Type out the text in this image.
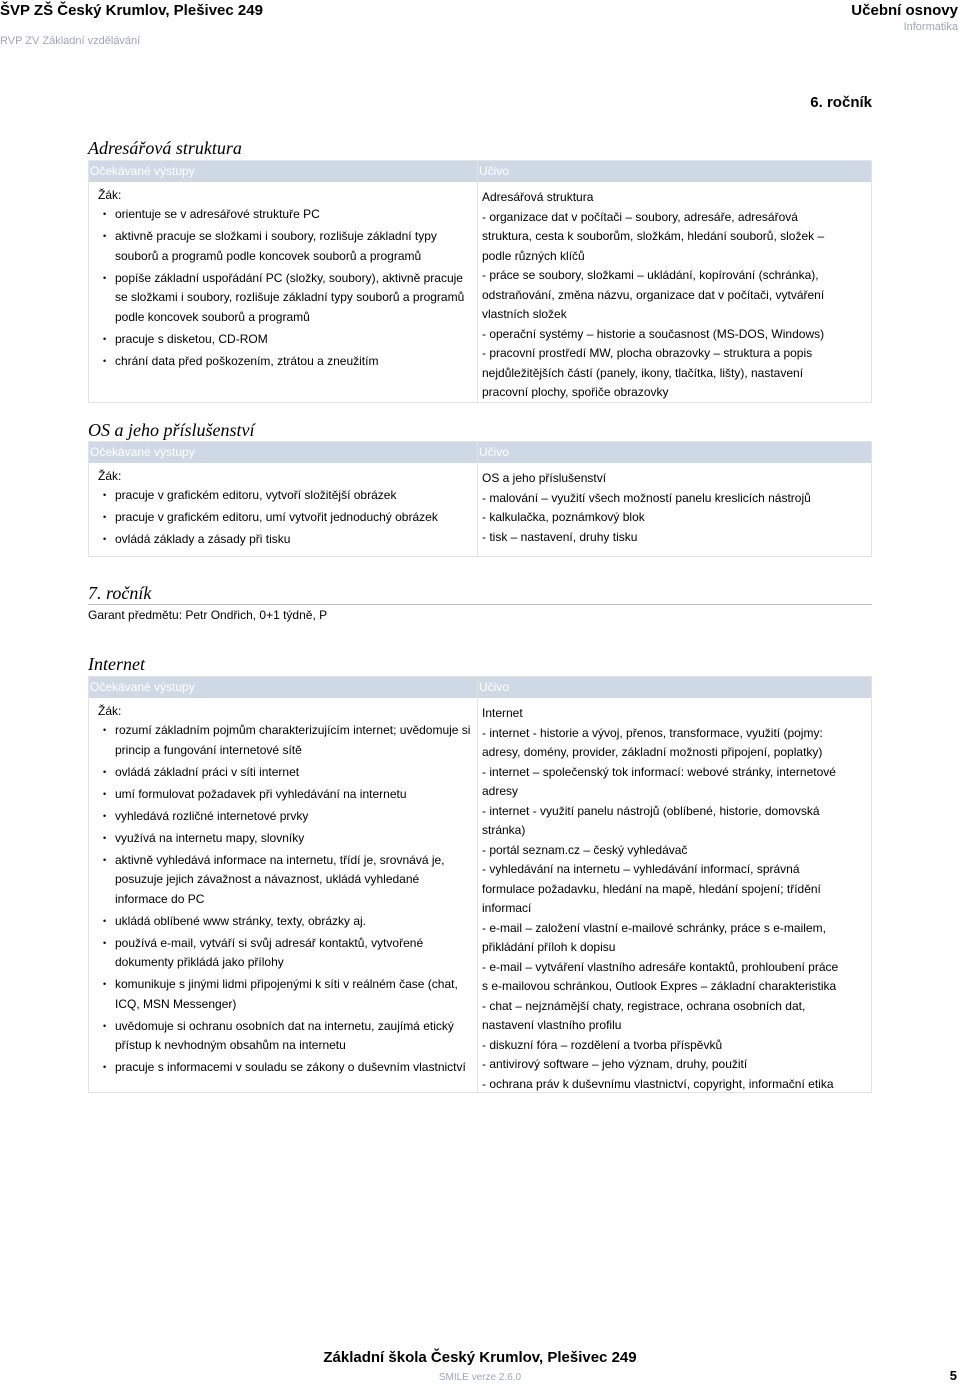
ŠVP ZŠ Český Krumlov, Plešivec 249
RVP ZV Základní vzdělávání
Učební osnovy
Informatika
6. ročník
Adresářová struktura
Očekávané výstupy
Žák:
• orientuje se v adresářové struktuře PC
• aktivně pracuje se složkami i soubory, rozlišuje základní typy souborů a programů podle koncovek souborů a programů
• popíše základní uspořádání PC (složky, soubory), aktivně pracuje se složkami i soubory, rozlišuje základní typy souborů a programů podle koncovek souborů a programů
• pracuje s disketou, CD-ROM
• chrání data před poškozením, ztrátou a zneužitím
Učivo
Adresářová struktura
- organizace dat v počítači – soubory, adresáře, adresářová
struktura, cesta k souborům, složkám, hledání souborů, složek –
podle různých klíčů
- práce se soubory, složkami – ukládání, kopírování (schránka),
odstraňování, změna názvu, organizace dat v počítači, vytváření
vlastních složek
- operační systémy – historie a současnost (MS-DOS, Windows)
- pracovní prostředí MW, plocha obrazovky – struktura a popis
nejdůležitějších částí (panely, ikony, tlačítka, lišty), nastavení
pracovní plochy, spořiče obrazovky
OS a jeho příslušenství
Očekávané výstupy
Žák:
• pracuje v grafickém editoru, vytvoří složitější obrázek
• pracuje v grafickém editoru, umí vytvořit jednoduchý obrázek
• ovládá základy a zásady při tisku
Učivo
OS a jeho příslušenství
- malování – využití všech možností panelu kreslicích nástrojů
- kalkulačka, poznámkový blok
- tisk – nastavení, druhy tisku
7. ročník
Garant předmětu: Petr Ondřich, 0+1 týdně, P
Internet
Očekávané výstupy
Žák:
• rozumí základním pojmům charakterizujícím internet; uvědomuje si princip a fungování internetové sítě
• ovládá základní práci v síti internet
• umí formulovat požadavek při vyhledávání na internetu
• vyhledává rozličné internetové prvky
• využívá na internetu mapy, slovníky
• aktivně vyhledává informace na internetu, třídí je, srovnává je, posuzuje jejich závažnost a návaznost, ukládá vyhledané informace do PC
• ukládá oblíbené www stránky, texty, obrázky aj.
• používá e-mail, vytváří si svůj adresář kontaktů, vytvořené dokumenty přikládá jako přílohy
• komunikuje s jinými lidmi připojenými k síti v reálném čase (chat, ICQ, MSN Messenger)
• uvědomuje si ochranu osobních dat na internetu, zaujímá etický přístup k nevhodným obsahům na internetu
• pracuje s informacemi v souladu se zákony o duševním vlastnictví
Učivo
Internet
- internet - historie a vývoj, přenos, transformace, využití (pojmy:
adresy, domény, provider, základní možnosti připojení, poplatky)
- internet – společenský tok informací: webové stránky, internetové
adresy
- internet - využití panelu nástrojů (oblíbené, historie, domovská
stránka)
- portál seznam.cz – český vyhledávač
- vyhledávání na internetu – vyhledávání informací, správná
formulace požadavku, hledání na mapě, hledání spojení; třídění
informací
- e-mail – založení vlastní e-mailové schránky, práce s e-mailem,
přikládání příloh k dopisu
- e-mail – vytváření vlastního adresáře kontaktů, prohloubení práce
s e-mailovou schránkou, Outlook Expres – základní charakteristika
- chat – nejznámější chaty, registrace, ochrana osobních dat,
nastavení vlastního profilu
- diskuzní fóra – rozdělení a tvorba příspěvků
- antivirový software – jeho význam, druhy, použití
- ochrana práv k duševnímu vlastnictví, copyright, informační etika
Základní škola Český Krumlov, Plešivec 249
SMILE verze 2.6.0	5
